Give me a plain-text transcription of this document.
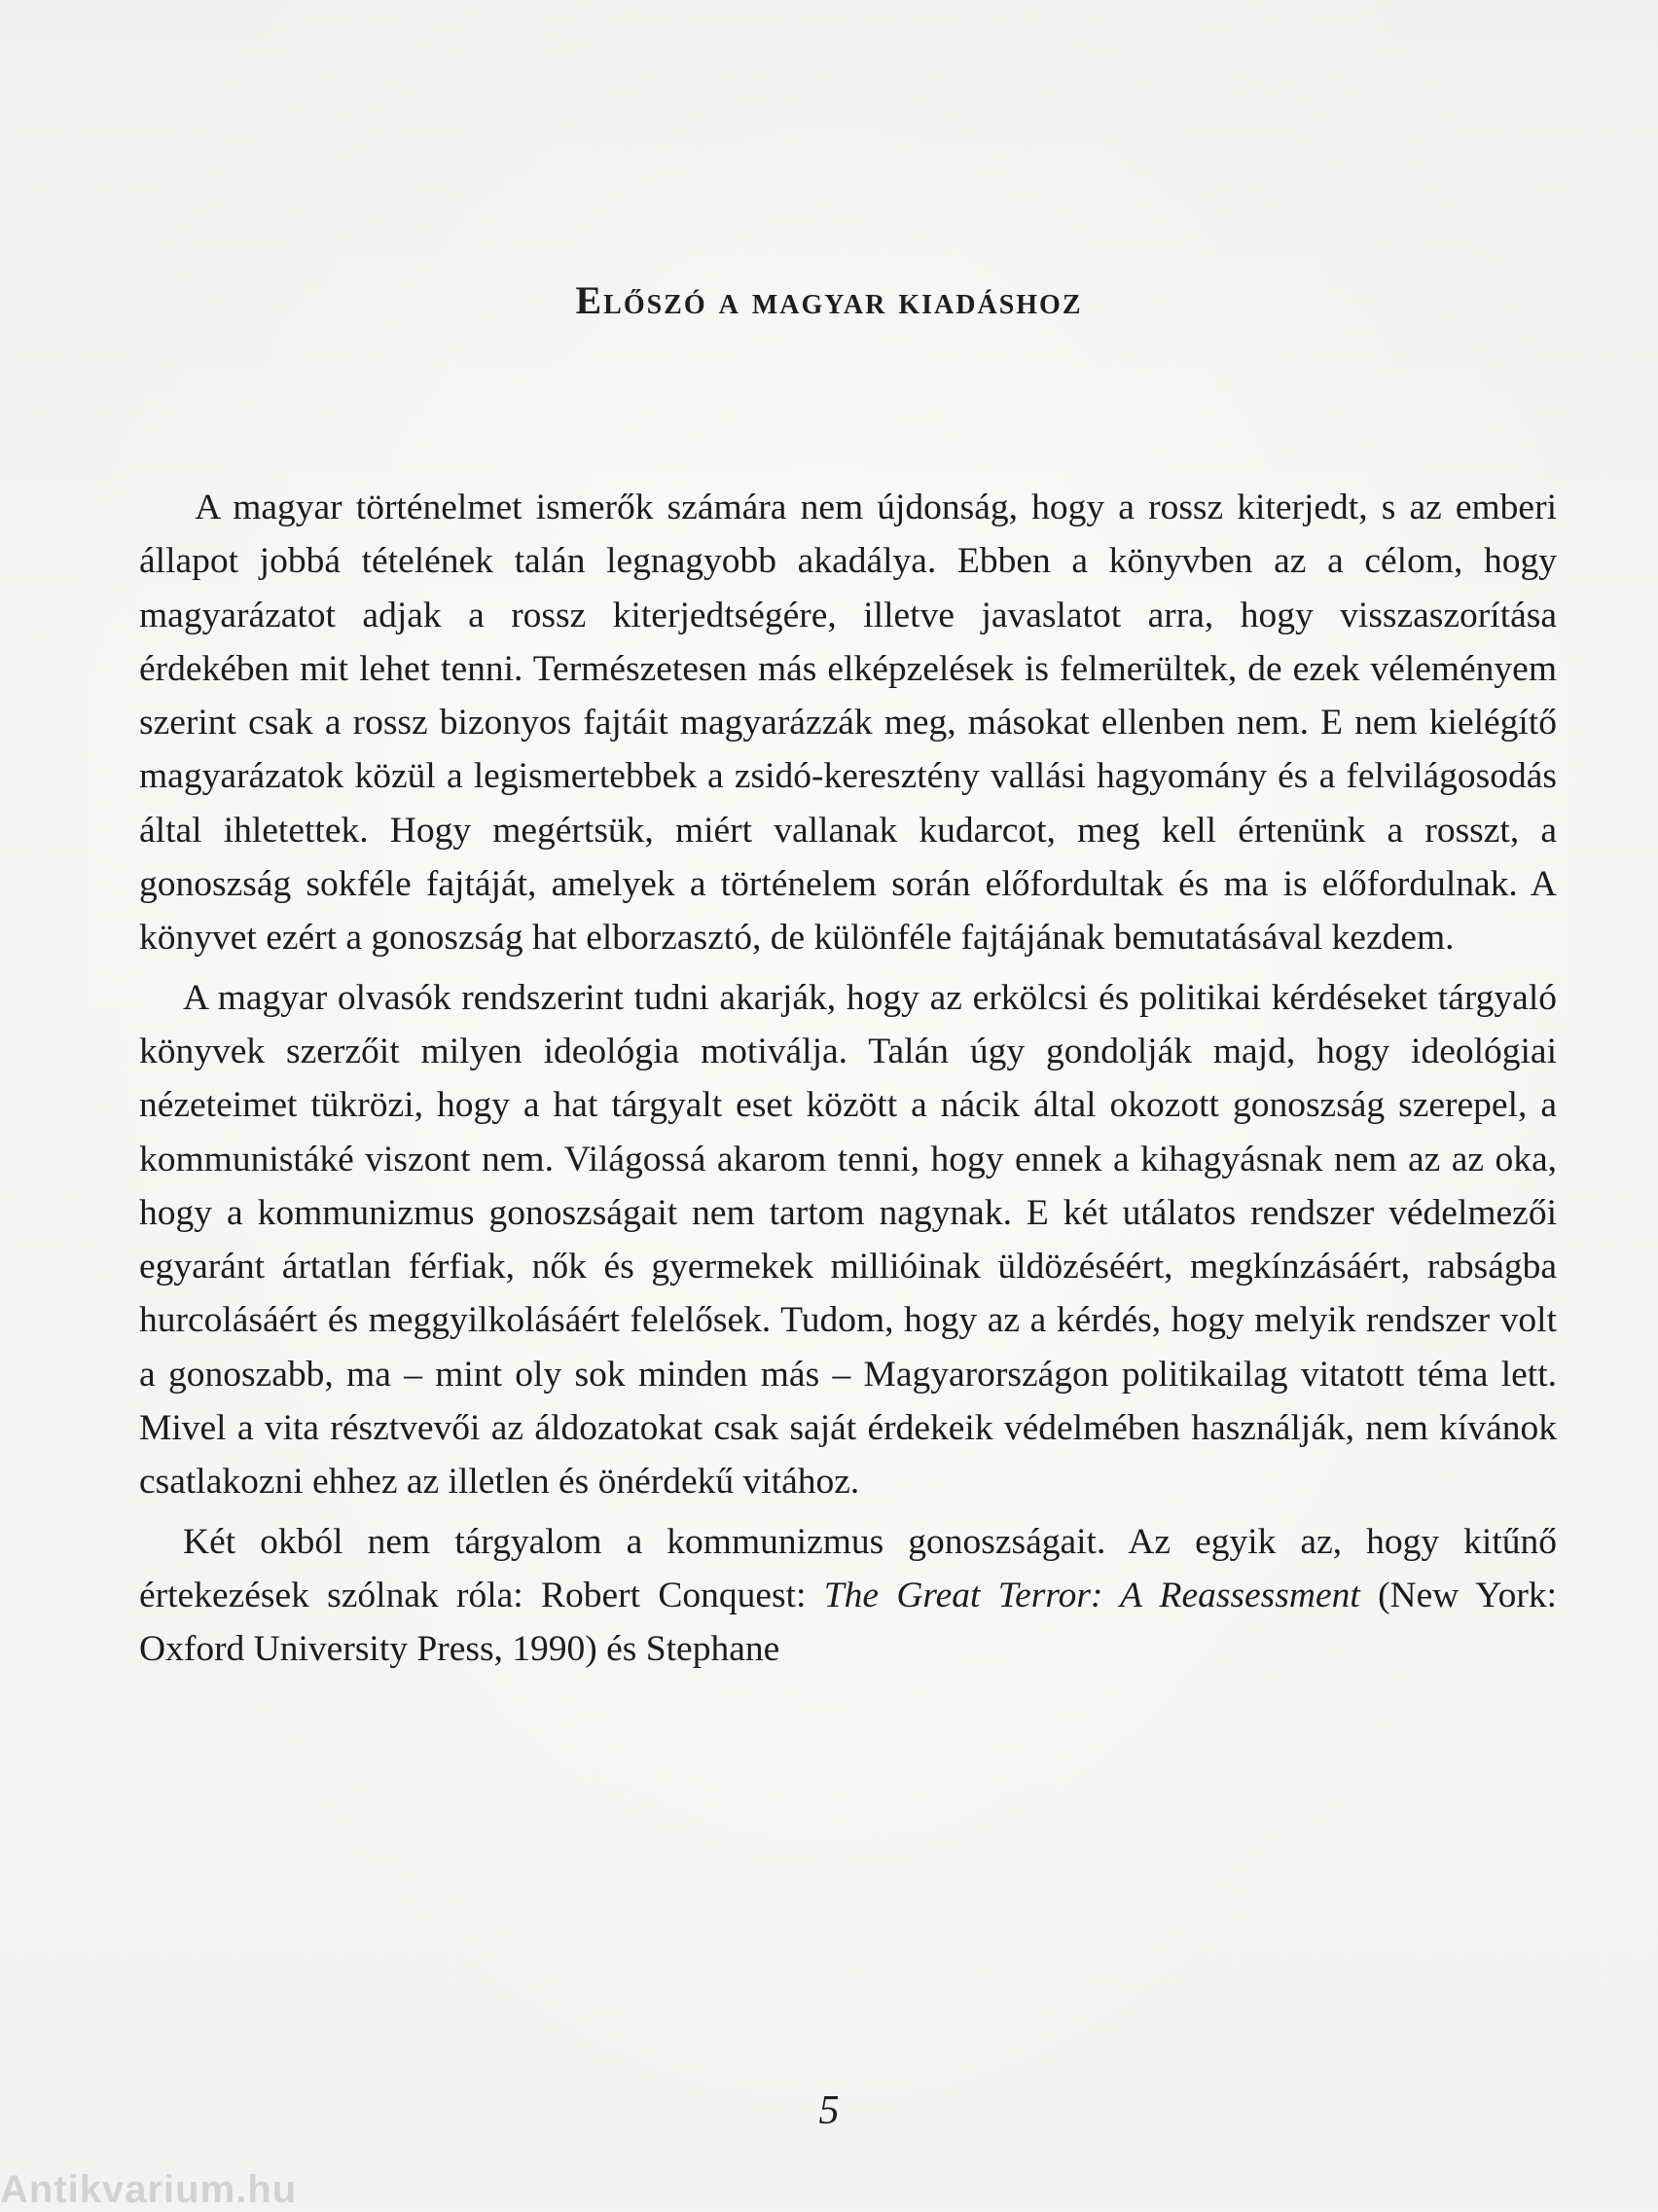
Előszó a magyar kiadáshoz

A magyar történelmet ismerők számára nem újdonság, hogy a rossz kiterjedt, s az emberi állapot jobbá tételének talán legnagyobb akadálya. Ebben a könyvben az a célom, hogy magyarázatot adjak a rossz kiterjedtségére, illetve javaslatot arra, hogy visszaszorítása érdekében mit lehet tenni. Természetesen más elképzelések is felmerültek, de ezek véleményem szerint csak a rossz bizonyos fajtáit magyarázzák meg, másokat ellenben nem. E nem kielégítő magyarázatok közül a legismertebbek a zsidó-keresztény vallási hagyomány és a felvilágosodás által ihletettek. Hogy megértsük, miért vallanak kudarcot, meg kell értenünk a rosszt, a gonoszság sokféle fajtáját, amelyek a történelem során előfordultak és ma is előfordulnak. A könyvet ezért a gonoszság hat elborzasztó, de különféle fajtájának bemutatásával kezdem.

A magyar olvasók rendszerint tudni akarják, hogy az erkölcsi és politikai kérdéseket tárgyaló könyvek szerzőit milyen ideológia motiválja. Talán úgy gondolják majd, hogy ideológiai nézeteimet tükrözi, hogy a hat tárgyalt eset között a nácik által okozott gonoszság szerepel, a kommunistáké viszont nem. Világossá akarom tenni, hogy ennek a kihagyásnak nem az az oka, hogy a kommunizmus gonoszságait nem tartom nagynak. E két utálatos rendszer védelmezői egyaránt ártatlan férfiak, nők és gyermekek millióinak üldözéséért, megkínzásáért, rabságba hurcolásáért és meggyilkolásáért felelősek. Tudom, hogy az a kérdés, hogy melyik rendszer volt a gonoszabb, ma – mint oly sok minden más – Magyarországon politikailag vitatott téma lett. Mivel a vita résztvevői az áldozatokat csak saját érdekeik védelmében használják, nem kívánok csatlakozni ehhez az illetlen és önérdekű vitához.

Két okból nem tárgyalom a kommunizmus gonoszságait. Az egyik az, hogy kitűnő értekezések szólnak róla: Robert Conquest: The Great Terror: A Reassessment (New York: Oxford University Press, 1990) és Stephane

5
Antikvarium.hu
